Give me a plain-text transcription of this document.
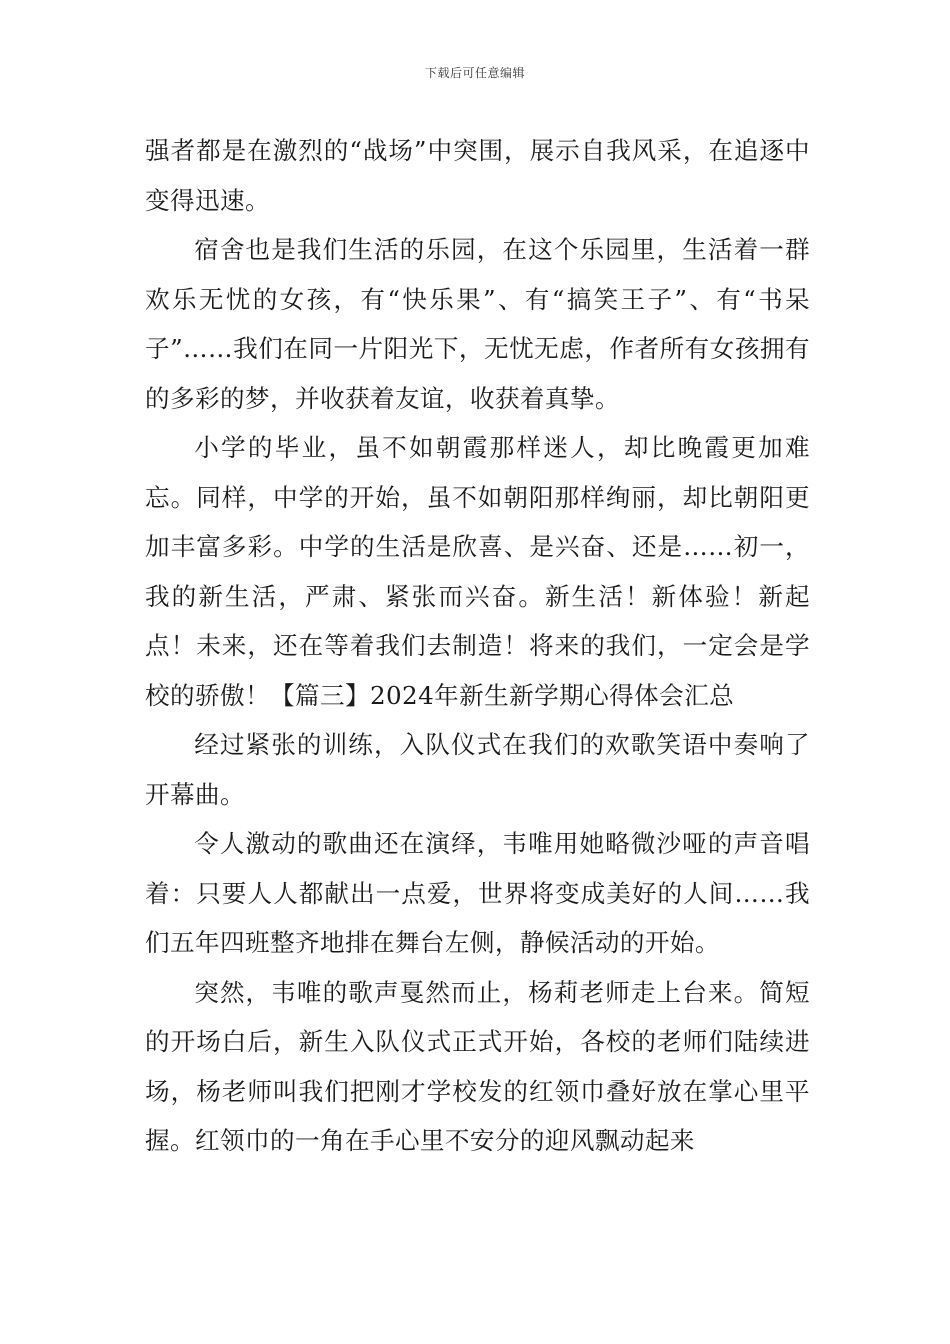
下载后可任意编辑

强者都是在激烈的“战场”中突围，展示自我风采，在追逐中变得迅速。

宿舍也是我们生活的乐园，在这个乐园里，生活着一群欢乐无忧的女孩，有“快乐果”、有“搞笑王子”、有“书呆子”……我们在同一片阳光下，无忧无虑，作者所有女孩拥有的多彩的梦，并收获着友谊，收获着真挚。

小学的毕业，虽不如朝霞那样迷人，却比晚霞更加难忘。同样，中学的开始，虽不如朝阳那样绚丽，却比朝阳更加丰富多彩。中学的生活是欣喜、是兴奋、还是……初一，我的新生活，严肃、紧张而兴奋。新生活！新体验！新起点！未来，还在等着我们去制造！将来的我们，一定会是学校的骄傲！【篇三】2024年新生新学期心得体会汇总

经过紧张的训练，入队仪式在我们的欢歌笑语中奏响了开幕曲。

令人激动的歌曲还在演绎，韦唯用她略微沙哑的声音唱着：只要人人都献出一点爱，世界将变成美好的人间……我们五年四班整齐地排在舞台左侧，静候活动的开始。

突然，韦唯的歌声戛然而止，杨莉老师走上台来。简短的开场白后，新生入队仪式正式开始，各校的老师们陆续进场，杨老师叫我们把刚才学校发的红领巾叠好放在掌心里平握。红领巾的一角在手心里不安分的迎风飘动起来
